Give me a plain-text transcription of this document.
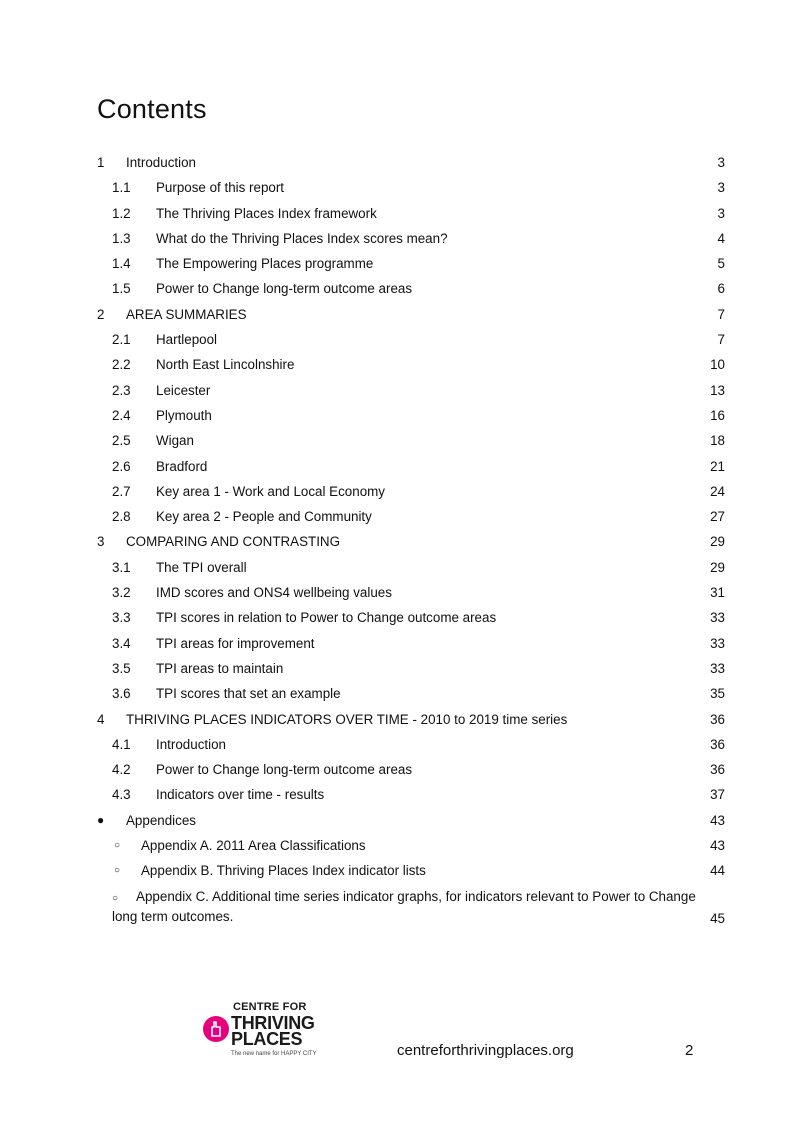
Contents
1 Introduction	3
1.1 Purpose of this report	3
1.2 The Thriving Places Index framework	3
1.3 What do the Thriving Places Index scores mean?	4
1.4 The Empowering Places programme	5
1.5 Power to Change long-term outcome areas	6
2 AREA SUMMARIES	7
2.1 Hartlepool	7
2.2 North East Lincolnshire	10
2.3 Leicester	13
2.4 Plymouth	16
2.5 Wigan	18
2.6 Bradford	21
2.7 Key area 1 - Work and Local Economy	24
2.8 Key area 2 - People and Community	27
3 COMPARING AND CONTRASTING	29
3.1 The TPI overall	29
3.2 IMD scores and ONS4 wellbeing values	31
3.3 TPI scores in relation to Power to Change outcome areas	33
3.4 TPI areas for improvement	33
3.5 TPI areas to maintain	33
3.6 TPI scores that set an example	35
4 THRIVING PLACES INDICATORS OVER TIME - 2010 to 2019 time series	36
4.1 Introduction	36
4.2 Power to Change long-term outcome areas	36
4.3 Indicators over time - results	37
● Appendices	43
○ Appendix A. 2011 Area Classifications	43
○ Appendix B. Thriving Places Index indicator lists	44
○ Appendix C. Additional time series indicator graphs, for indicators relevant to Power to Change long term outcomes.	45
CENTRE FOR
THRIVING
PLACES
The new name for HAPPY CITY	centreforthrivingplaces.org	2
